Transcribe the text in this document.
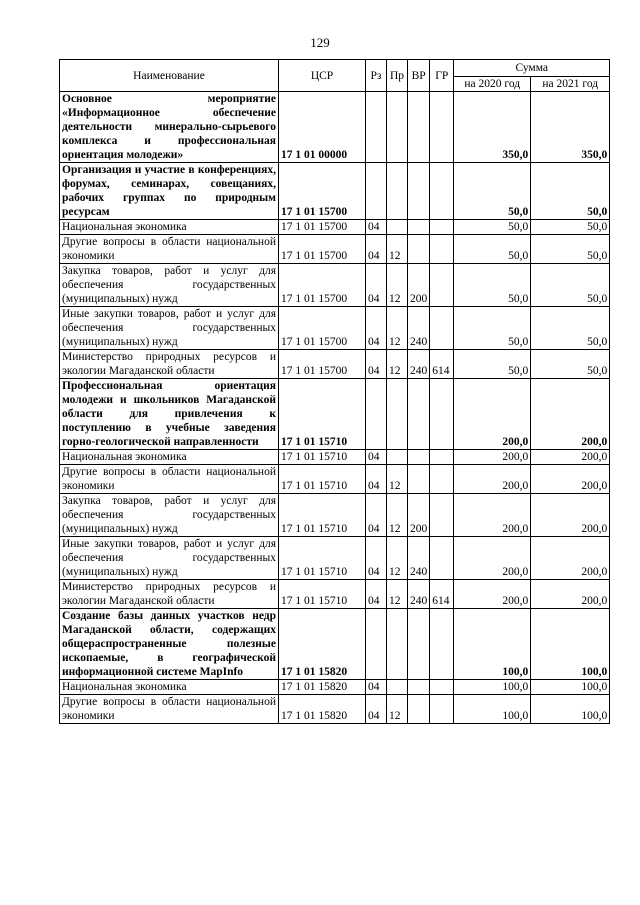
129
Наименование	ЦСР	Рз	Пр	ВР	ГР	Сумма	
						на 2020 год	на 2021 год
Основное мероприятие «Информационное обеспечение деятельности минерально-сырьевого комплекса и профессиональная ориентация молодежи»	17 1 01 00000					350,0	350,0
Организация и участие в конференциях, форумах, семинарах, совещаниях, рабочих группах по природным ресурсам	17 1 01 15700					50,0	50,0
Национальная экономика	17 1 01 15700	04				50,0	50,0
Другие вопросы в области национальной экономики	17 1 01 15700	04	12			50,0	50,0
Закупка товаров, работ и услуг для обеспечения государственных (муниципальных) нужд	17 1 01 15700	04	12	200		50,0	50,0
Иные закупки товаров, работ и услуг для обеспечения государственных (муниципальных) нужд	17 1 01 15700	04	12	240		50,0	50,0
Министерство природных ресурсов и экологии Магаданской области	17 1 01 15700	04	12	240	614	50,0	50,0
Профессиональная ориентация молодежи и школьников Магаданской области для привлечения к поступлению в учебные заведения горно-геологической направленности	17 1 01 15710					200,0	200,0
Национальная экономика	17 1 01 15710	04				200,0	200,0
Другие вопросы в области национальной экономики	17 1 01 15710	04	12			200,0	200,0
Закупка товаров, работ и услуг для обеспечения государственных (муниципальных) нужд	17 1 01 15710	04	12	200		200,0	200,0
Иные закупки товаров, работ и услуг для обеспечения государственных (муниципальных) нужд	17 1 01 15710	04	12	240		200,0	200,0
Министерство природных ресурсов и экологии Магаданской области	17 1 01 15710	04	12	240	614	200,0	200,0
Создание базы данных участков недр Магаданской области, содержащих общераспространенные полезные ископаемые, в географической информационной системе MapInfo	17 1 01 15820					100,0	100,0
Национальная экономика	17 1 01 15820	04				100,0	100,0
Другие вопросы в области национальной экономики	17 1 01 15820	04	12			100,0	100,0
